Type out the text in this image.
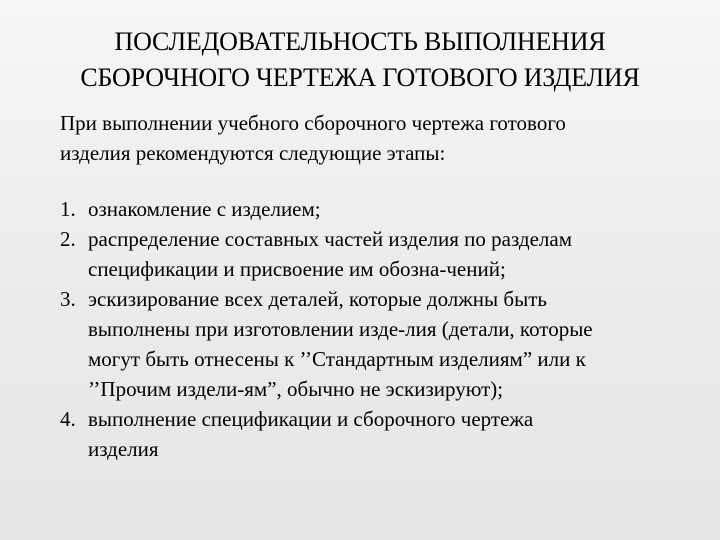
ПОСЛЕДОВАТЕЛЬНОСТЬ ВЫПОЛНЕНИЯ
СБОРОЧНОГО ЧЕРТЕЖА ГОТОВОГО ИЗДЕЛИЯ
При выполнении учебного сборочного чертежа готового
изделия рекомендуются следующие этапы:
1. ознакомление с изделием;
2. распределение составных частей изделия по разделам
спецификации и присвоение им обозна-чений;
3. эскизирование всех деталей, которые должны быть
выполнены при изготовлении изде-лия (детали, которые
могут быть отнесены к ’’Стандартным изделиям” или к
’’Прочим издели-ям”, обычно не эскизируют);
4. выполнение спецификации и сборочного чертежа
изделия
